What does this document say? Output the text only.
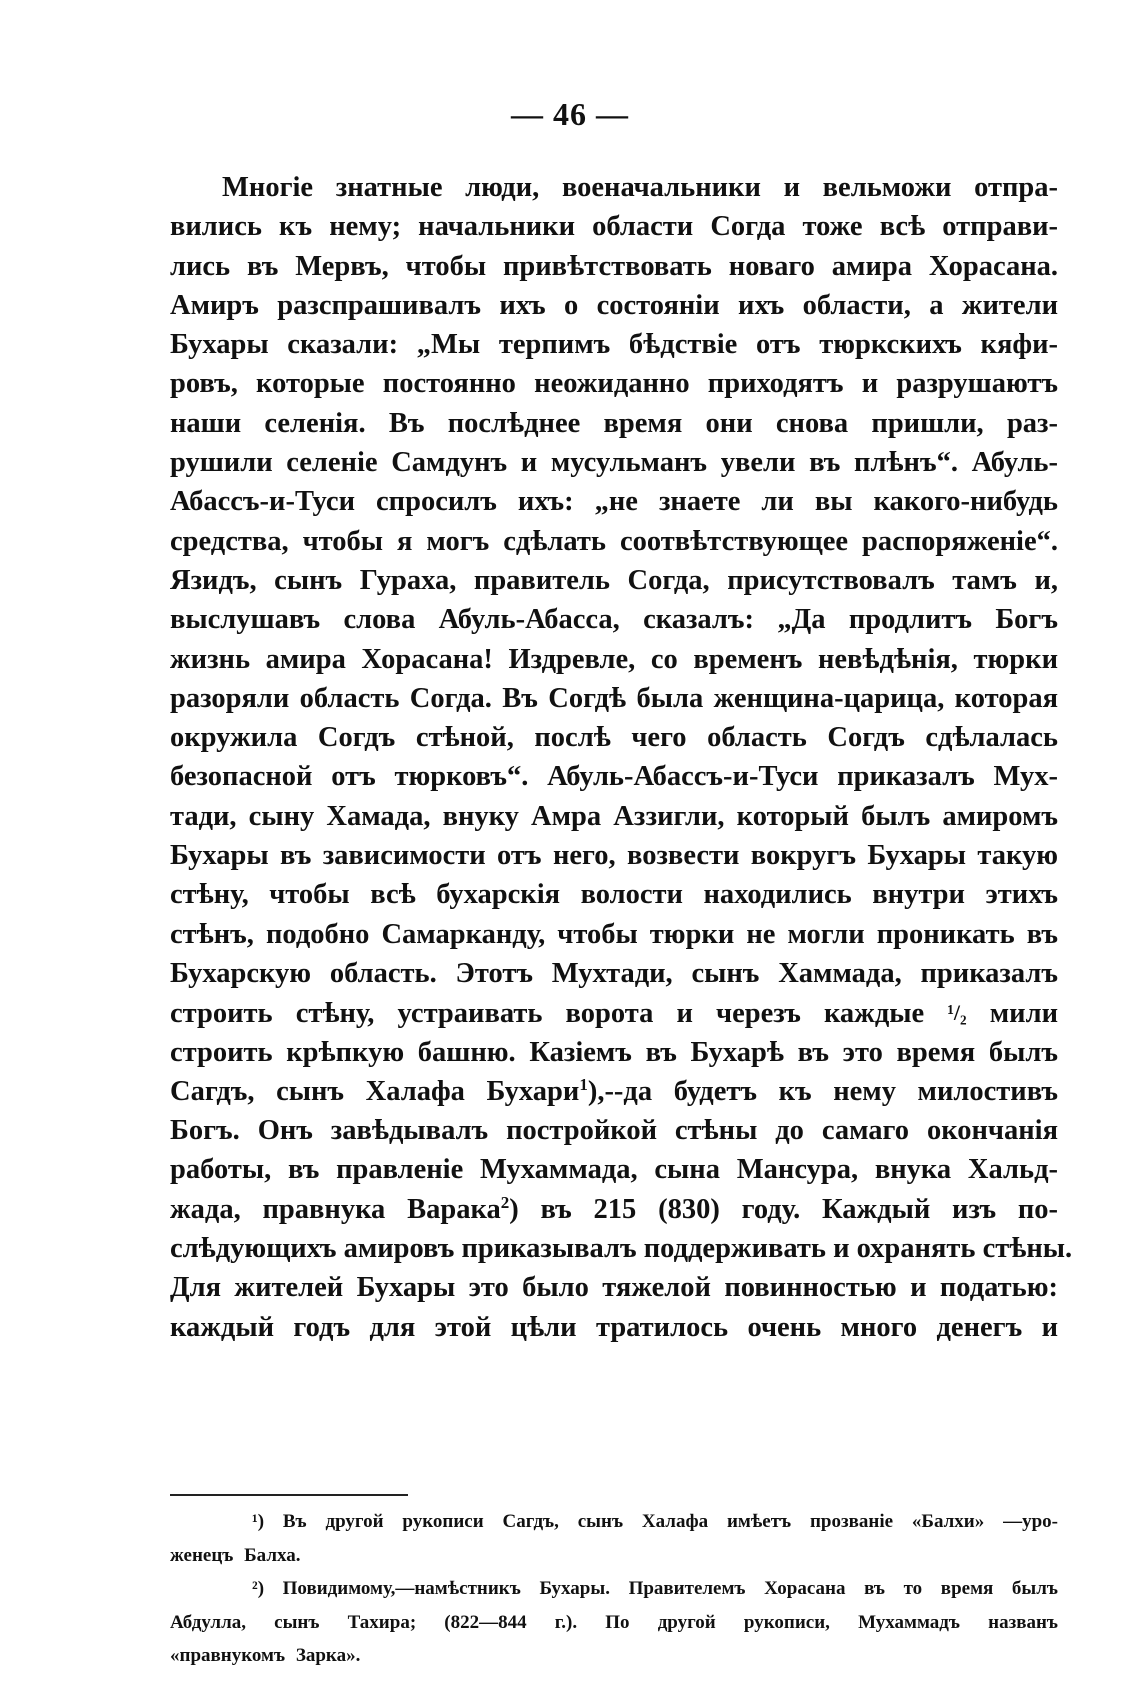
— 46 —
Многіе знатные люди, военачальники и вельможи отпра-
вились къ нему; начальники области Согда тоже всѣ отправи-
лись въ Мервъ, чтобы привѣтствовать новаго амира Хорасана.
Амиръ разспрашивалъ ихъ о состояніи ихъ области, а жители
Бухары сказали: „Мы терпимъ бѣдствіе отъ тюркскихъ кяфи-
ровъ, которые постоянно неожиданно приходятъ и разрушаютъ
наши селенія. Въ послѣднее время они снова пришли, раз-
рушили селеніе Самдунъ и мусульманъ увели въ плѣнъ“. Абуль-
Абассъ-и-Туси спросилъ ихъ: „не знаете ли вы какого-нибудь
средства, чтобы я могъ сдѣлать соотвѣтствующее распоряженіе“.
Язидъ, сынъ Гураха, правитель Согда, присутствовалъ тамъ и,
выслушавъ слова Абуль-Абасса, сказалъ: „Да продлитъ Богъ
жизнь амира Хорасана! Издревле, со временъ невѣдѣнія, тюрки
разоряли область Согда. Въ Согдѣ была женщина-царица, которая
окружила Согдъ стѣной, послѣ чего область Согдъ сдѣлалась
безопасной отъ тюрковъ“. Абуль-Абассъ-и-Туси приказалъ Мух-
тади, сыну Хамада, внуку Амра Аззигли, который былъ амиромъ
Бухары въ зависимости отъ него, возвести вокругъ Бухары такую
стѣну, чтобы всѣ бухарскія волости находились внутри этихъ
стѣнъ, подобно Самарканду, чтобы тюрки не могли проникать въ
Бухарскую область. Этотъ Мухтади, сынъ Хаммада, приказалъ
строить стѣну, устраивать ворота и черезъ каждые ¹/₂ мили
строить крѣпкую башню. Казіемъ въ Бухарѣ въ это время былъ
Сагдъ, сынъ Халафа Бухари$^1$),--да будетъ къ нему милостивъ
Богъ. Онъ завѣдывалъ постройкой стѣны до самаго окончанія
работы, въ правленіе Мухаммада, сына Мансура, внука Хальд-
жада, правнука Варака$^2$) въ 215 (830) году. Каждый изъ по-
слѣдующихъ амировъ приказывалъ поддерживать и охранять стѣны.
Для жителей Бухары это было тяжелой повинностью и податью:
каждый годъ для этой цѣли тратилось очень много денегъ и
¹) Въ другой рукописи Сагдъ, сынъ Халафа имѣетъ прозваніе «Балхи» —уро-
женецъ Балха.
²) Повидимому,—намѣстникъ Бухары. Правителемъ Хорасана въ то время былъ
Абдулла, сынъ Тахира; (822—844 г.). По другой рукописи, Мухаммадъ названъ
«правнукомъ Зарка».
